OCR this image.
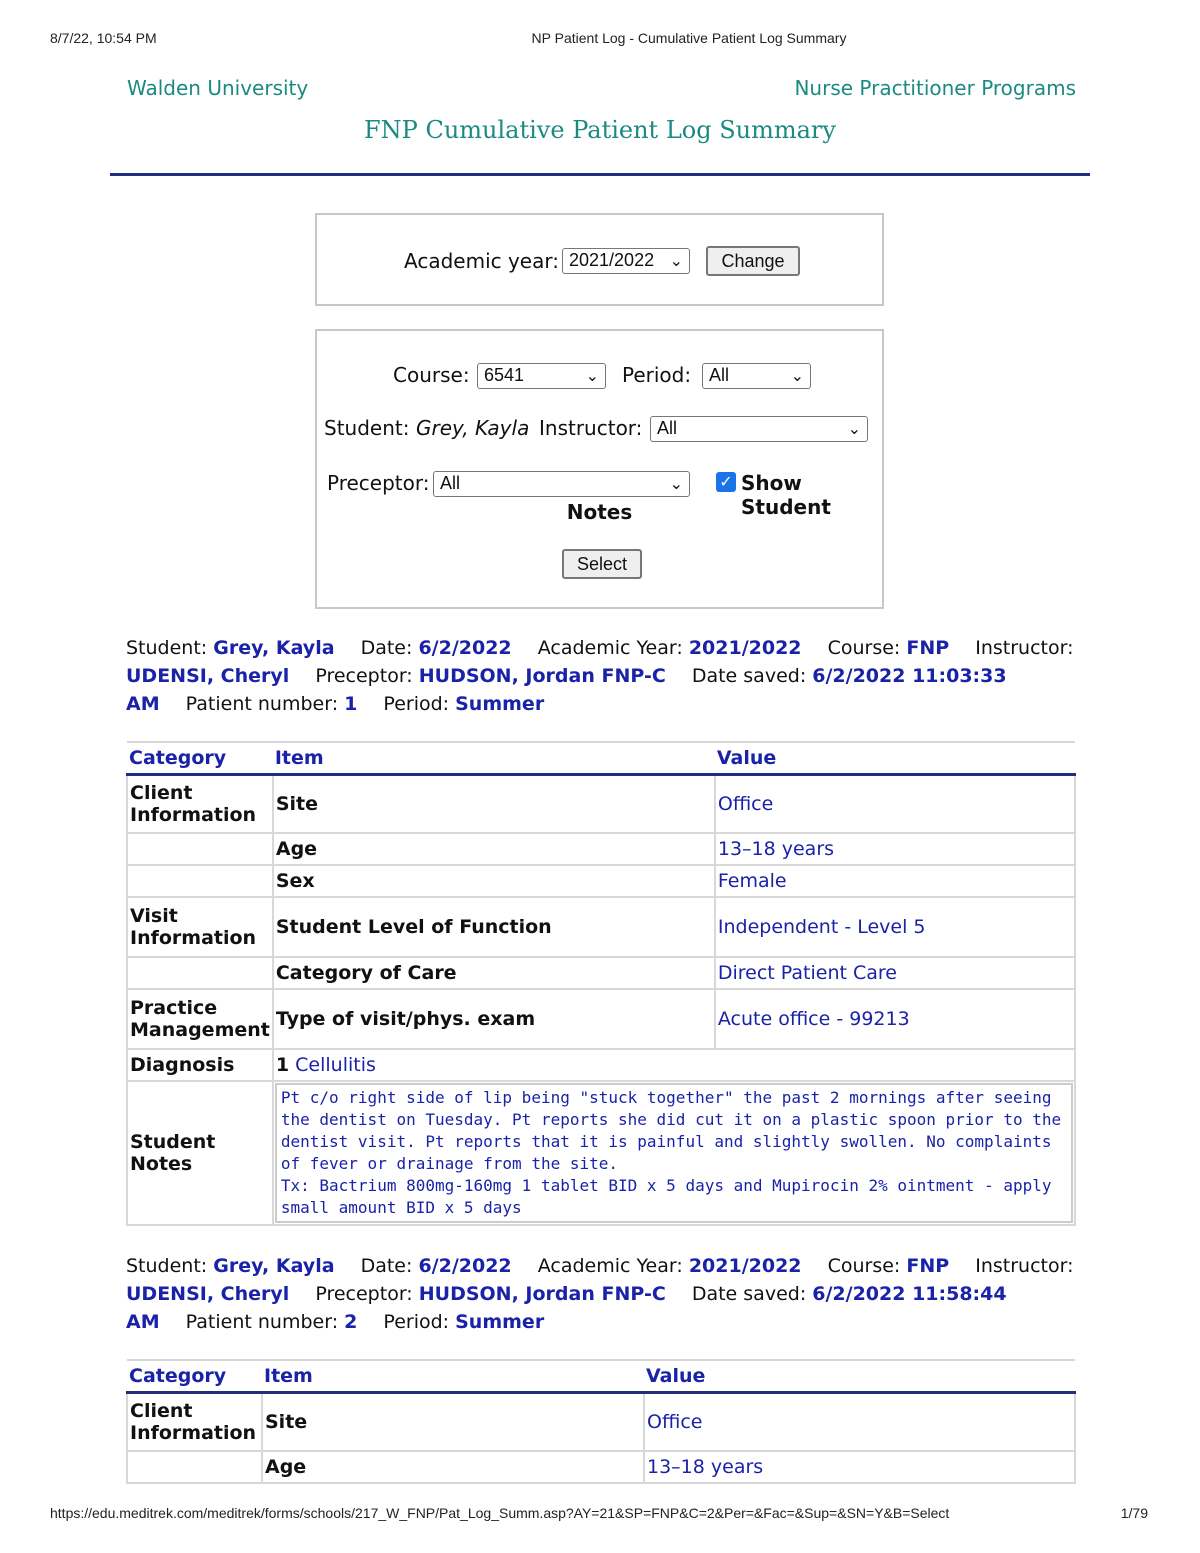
8/7/22, 10:54 PM	NP Patient Log - Cumulative Patient Log Summary
Walden University	Nurse Practitioner Programs
FNP Cumulative Patient Log Summary
Academic year: 2021/2022 ⌄	Change
Course: 6541	⌄ Period: All	⌄
Student: Grey, Kayla Instructor: All	⌄
Preceptor: All	⌄ ✓ Show Student
Notes
Select
Student: Grey, Kayla Date: 6/2/2022 Academic Year: 2021/2022 Course: FNP Instructor:
UDENSI, Cheryl Preceptor: HUDSON, Jordan FNP-C Date saved: 6/2/2022 11:03:33
AM Patient number: 1 Period: Summer
Category	Item	Value
Client Information	Site	Office
	Age	13–18 years
	Sex	Female
Visit Information	Student Level of Function	Independent - Level 5
	Category of Care	Direct Patient Care
Practice Management	Type of visit/phys. exam	Acute office - 99213
Diagnosis	1 Cellulitis	
Student Notes	Pt c/o right side of lip being "stuck together" the past 2 mornings after seeing the dentist on Tuesday. Pt reports she did cut it on a plastic spoon prior to the dentist visit. Pt reports that it is painful and slightly swollen. No complaints of fever or drainage from the site.
Tx: Bactrium 800mg-160mg 1 tablet BID x 5 days and Mupirocin 2% ointment - apply small amount BID x 5 days	
Student: Grey, Kayla Date: 6/2/2022 Academic Year: 2021/2022 Course: FNP Instructor:
UDENSI, Cheryl Preceptor: HUDSON, Jordan FNP-C Date saved: 6/2/2022 11:58:44
AM Patient number: 2 Period: Summer
Category	Item	Value
Client Information	Site	Office
	Age	13–18 years
https://edu.meditrek.com/meditrek/forms/schools/217_W_FNP/Pat_Log_Summ.asp?AY=21&SP=FNP&C=2&Per=&Fac=&Sup=&SN=Y&B=Select	1/79
